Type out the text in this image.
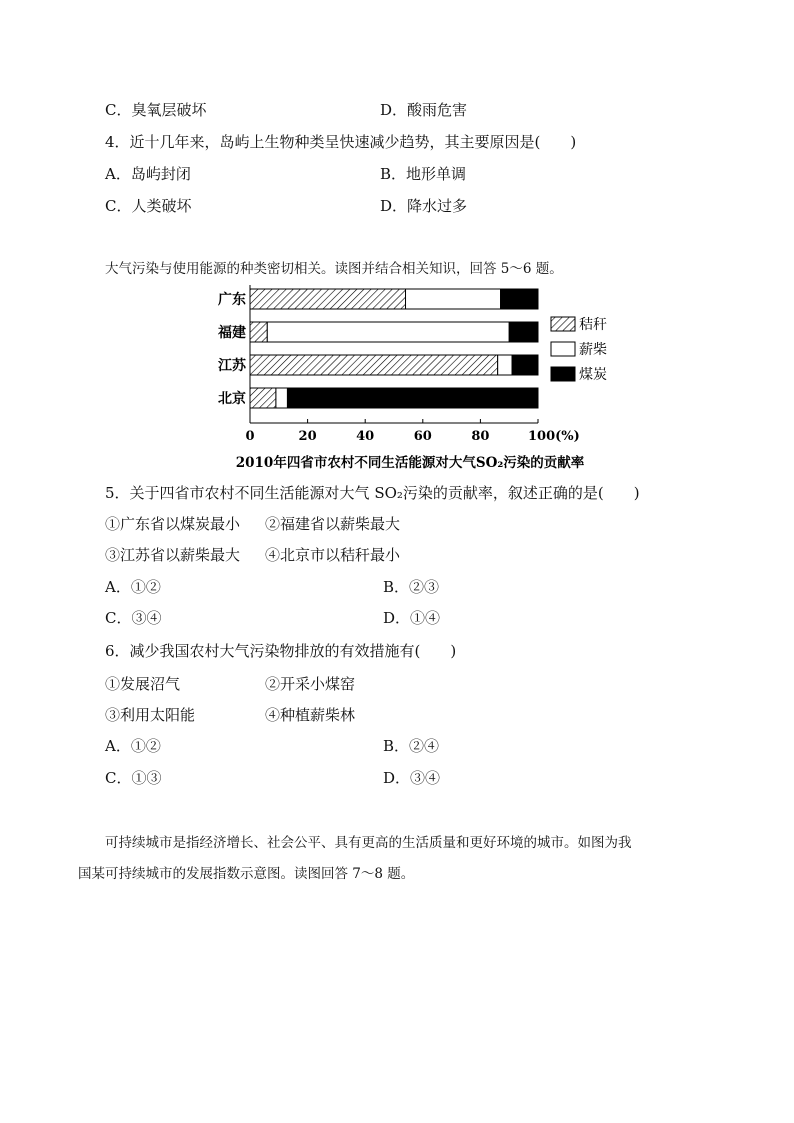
C．臭氧层破坏	D．酸雨危害
4．近十几年来，岛屿上生物种类呈快速减少趋势，其主要原因是(　　)
A．岛屿封闭	B．地形单调
C．人类破坏	D．降水过多
大气污染与使用能源的种类密切相关。读图并结合相关知识，回答 5～6 题。
广东
福建
江苏
北京
0	20	40	60	80	100(%)
秸秆
薪柴
煤炭
2010年四省市农村不同生活能源对大气SO₂污染的贡献率
5．关于四省市农村不同生活能源对大气 SO₂污染的贡献率，叙述正确的是(　　)
①广东省以煤炭最小 ②福建省以薪柴最大
③江苏省以薪柴最大 ④北京市以秸秆最小
A．①②	B．②③
C．③④	D．①④
6．减少我国农村大气污染物排放的有效措施有(　　)
①发展沼气	②开采小煤窑
③利用太阳能	④种植薪柴林
A．①②	B．②④
C．①③	D．③④
可持续城市是指经济增长、社会公平、具有更高的生活质量和更好环境的城市。如图为我
国某可持续城市的发展指数示意图。读图回答 7～8 题。
